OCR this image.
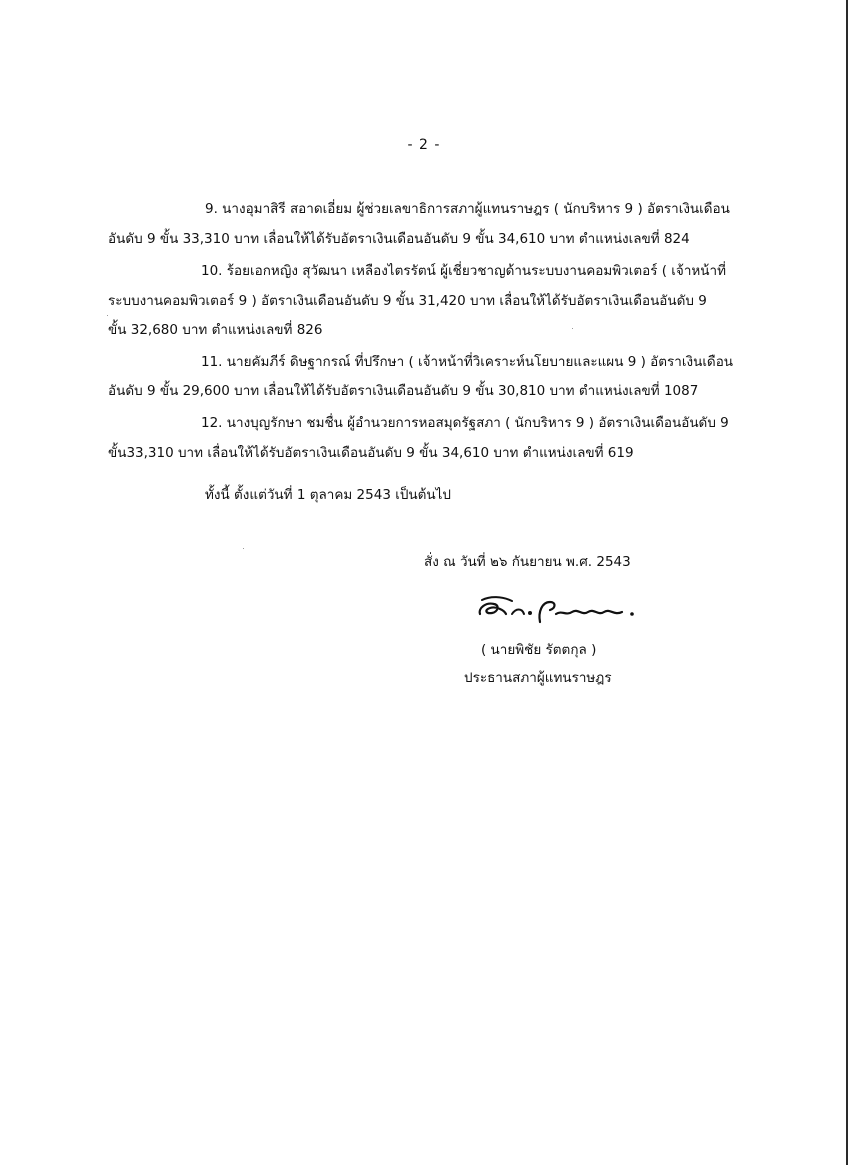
- 2 -
9. นางอุมาสิรี สอาดเอี่ยม ผู้ช่วยเลขาธิการสภาผู้แทนราษฎร ( นักบริหาร 9 ) อัตราเงินเดือน
อันดับ 9 ขั้น 33,310 บาท เลื่อนให้ได้รับอัตราเงินเดือนอันดับ 9 ขั้น 34,610 บาท ตำแหน่งเลขที่ 824
10. ร้อยเอกหญิง สุวัฒนา เหลืองไตรรัตน์ ผู้เชี่ยวชาญด้านระบบงานคอมพิวเตอร์ ( เจ้าหน้าที่
ระบบงานคอมพิวเตอร์ 9 ) อัตราเงินเดือนอันดับ 9 ขั้น 31,420 บาท เลื่อนให้ได้รับอัตราเงินเดือนอันดับ 9
ขั้น 32,680 บาท ตำแหน่งเลขที่ 826
11. นายคัมภีร์ ดิษฐากรณ์ ที่ปรึกษา ( เจ้าหน้าที่วิเคราะห์นโยบายและแผน 9 ) อัตราเงินเดือน
อันดับ 9 ขั้น 29,600 บาท เลื่อนให้ได้รับอัตราเงินเดือนอันดับ 9 ขั้น 30,810 บาท ตำแหน่งเลขที่ 1087
12. นางบุญรักษา ชมชื่น ผู้อำนวยการหอสมุดรัฐสภา ( นักบริหาร 9 ) อัตราเงินเดือนอันดับ 9
ขั้น33,310 บาท เลื่อนให้ได้รับอัตราเงินเดือนอันดับ 9 ขั้น 34,610 บาท ตำแหน่งเลขที่ 619
ทั้งนี้ ตั้งแต่วันที่ 1 ตุลาคม 2543 เป็นต้นไป
สั่ง ณ วันที่ ๒๖ กันยายน พ.ศ. 2543
( นายพิชัย รัตตกุล )
ประธานสภาผู้แทนราษฎร
